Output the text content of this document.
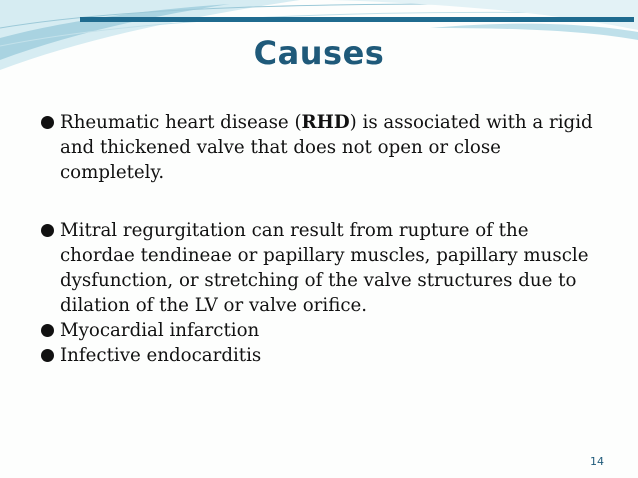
Causes
Rheumatic heart disease (RHD) is associated with a rigid and thickened valve that does not open or close completely.
Mitral regurgitation can result from rupture of the chordae tendineae or papillary muscles, papillary muscle dysfunction, or stretching of the valve structures due to dilation of the LV or valve orifice.
Myocardial infarction
Infective endocarditis
14
